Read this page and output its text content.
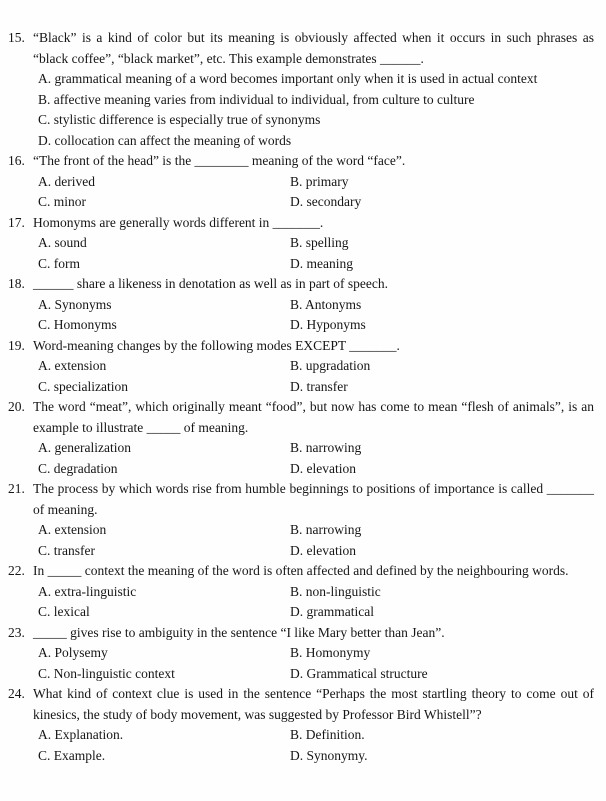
15. “Black” is a kind of color but its meaning is obviously affected when it occurs in such phrases as “black coffee”, “black market”, etc. This example demonstrates ______.
A. grammatical meaning of a word becomes important only when it is used in actual context
B. affective meaning varies from individual to individual, from culture to culture
C. stylistic difference is especially true of synonyms
D. collocation can affect the meaning of words
16. “The front of the head” is the ________ meaning of the word “face”.
A. derived	B. primary
C. minor	D. secondary
17. Homonyms are generally words different in _______.
A. sound	B. spelling
C. form	D. meaning
18. ______ share a likeness in denotation as well as in part of speech.
A. Synonyms	B. Antonyms
C. Homonyms	D. Hyponyms
19. Word-meaning changes by the following modes EXCEPT _______.
A. extension	B. upgradation
C. specialization	D. transfer
20. The word “meat”, which originally meant “food”, but now has come to mean “flesh of animals”, is an example to illustrate _____ of meaning.
A. generalization	B. narrowing
C. degradation	D. elevation
21. The process by which words rise from humble beginnings to positions of importance is called _______ of meaning.
A. extension	B. narrowing
C. transfer	D. elevation
22. In _____ context the meaning of the word is often affected and defined by the neighbouring words.
A. extra-linguistic	B. non-linguistic
C. lexical	D. grammatical
23. _____ gives rise to ambiguity in the sentence “I like Mary better than Jean”.
A. Polysemy	B. Homonymy
C. Non-linguistic context	D. Grammatical structure
24. What kind of context clue is used in the sentence “Perhaps the most startling theory to come out of kinesics, the study of body movement, was suggested by Professor Bird Whistell”?
A. Explanation.	B. Definition.
C. Example.	D. Synonymy.
